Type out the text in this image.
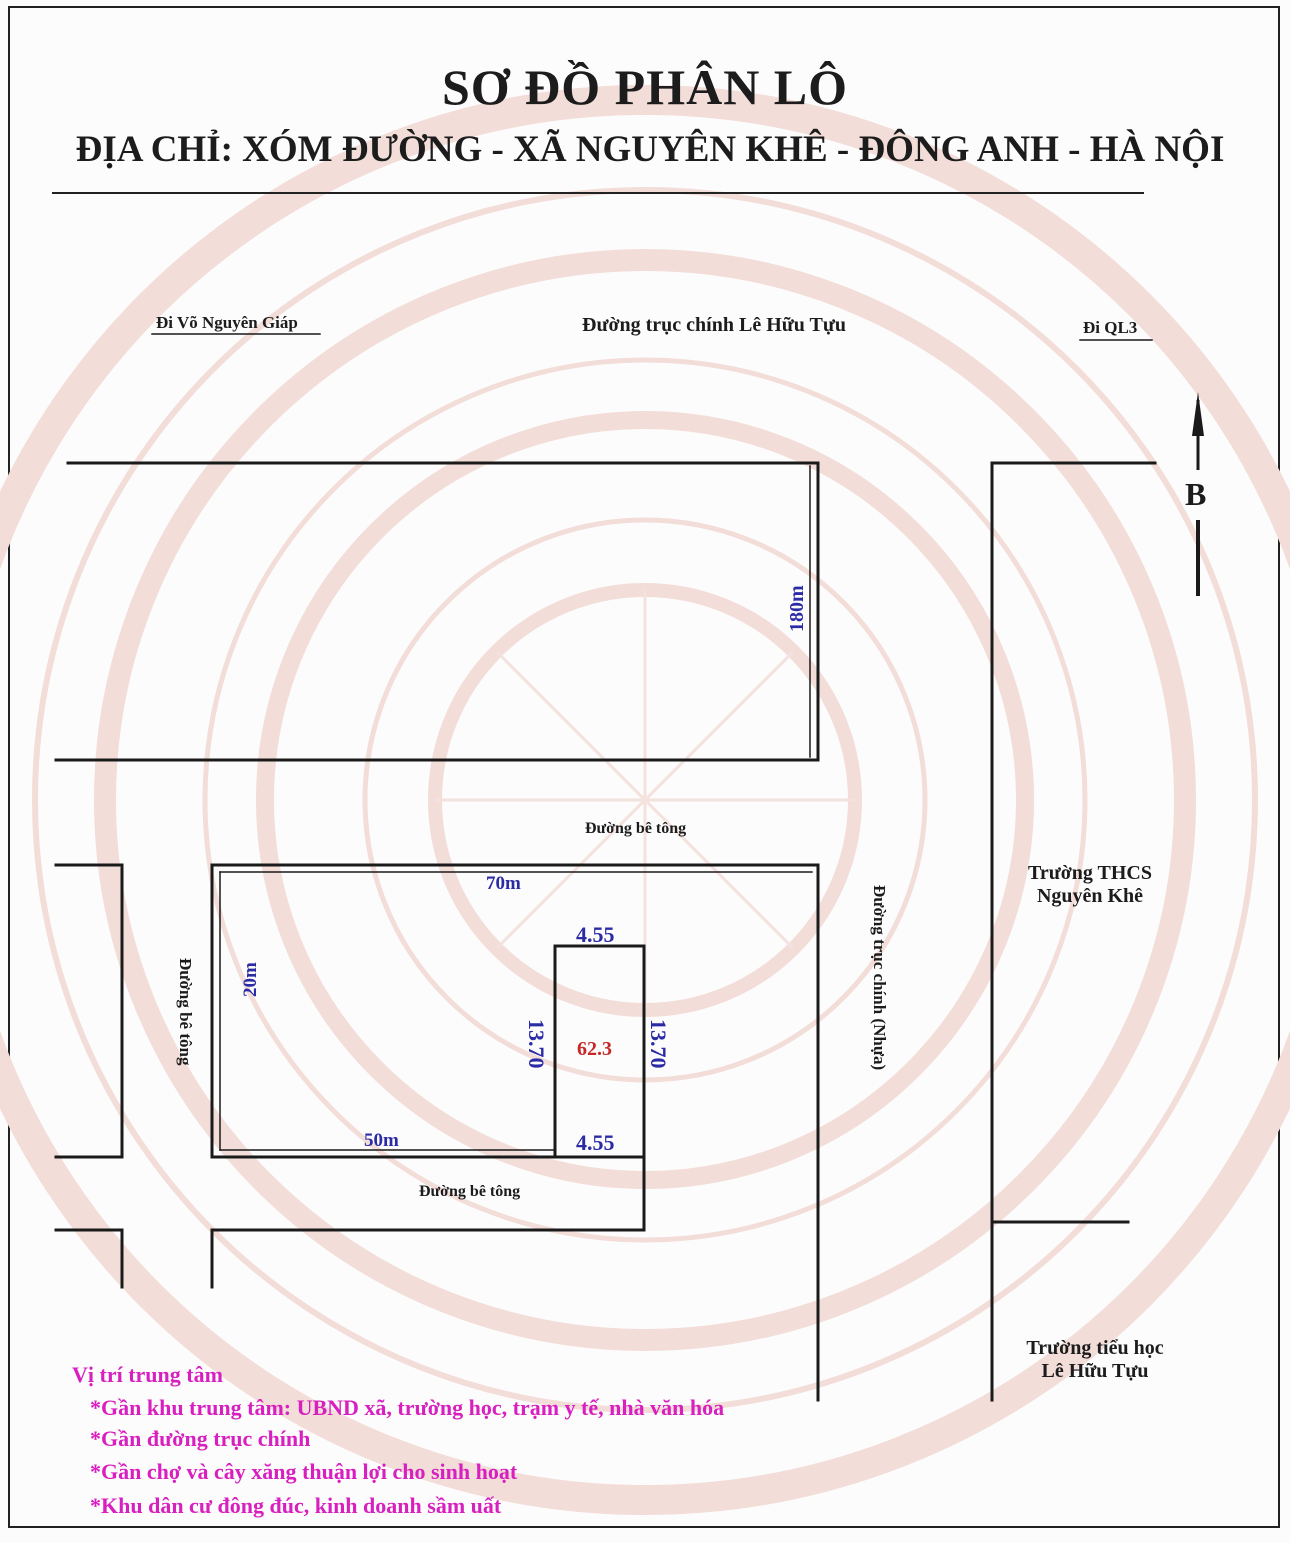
SƠ ĐỒ PHÂN LÔ
ĐỊA CHỈ: XÓM ĐƯỜNG - XÃ NGUYÊN KHÊ - ĐÔNG ANH - HÀ NỘI
Đi Võ Nguyên Giáp	Đường trục chính Lê Hữu Tựu	Đi QL3
B
180m
Đường bê tông
70m
4.55
4.55
13.70	13.70
62.3
50m
20m
Đường bê tông	Đường trục chính (Nhựa)
Đường bê tông
Trường THCS
Nguyên Khê
Trường tiểu học
Lê Hữu Tựu
Vị trí trung tâm
*Gần khu trung tâm: UBND xã, trường học, trạm y tế, nhà văn hóa
*Gần đường trục chính
*Gần chợ và cây xăng thuận lợi cho sinh hoạt
*Khu dân cư đông đúc, kinh doanh sầm uất
